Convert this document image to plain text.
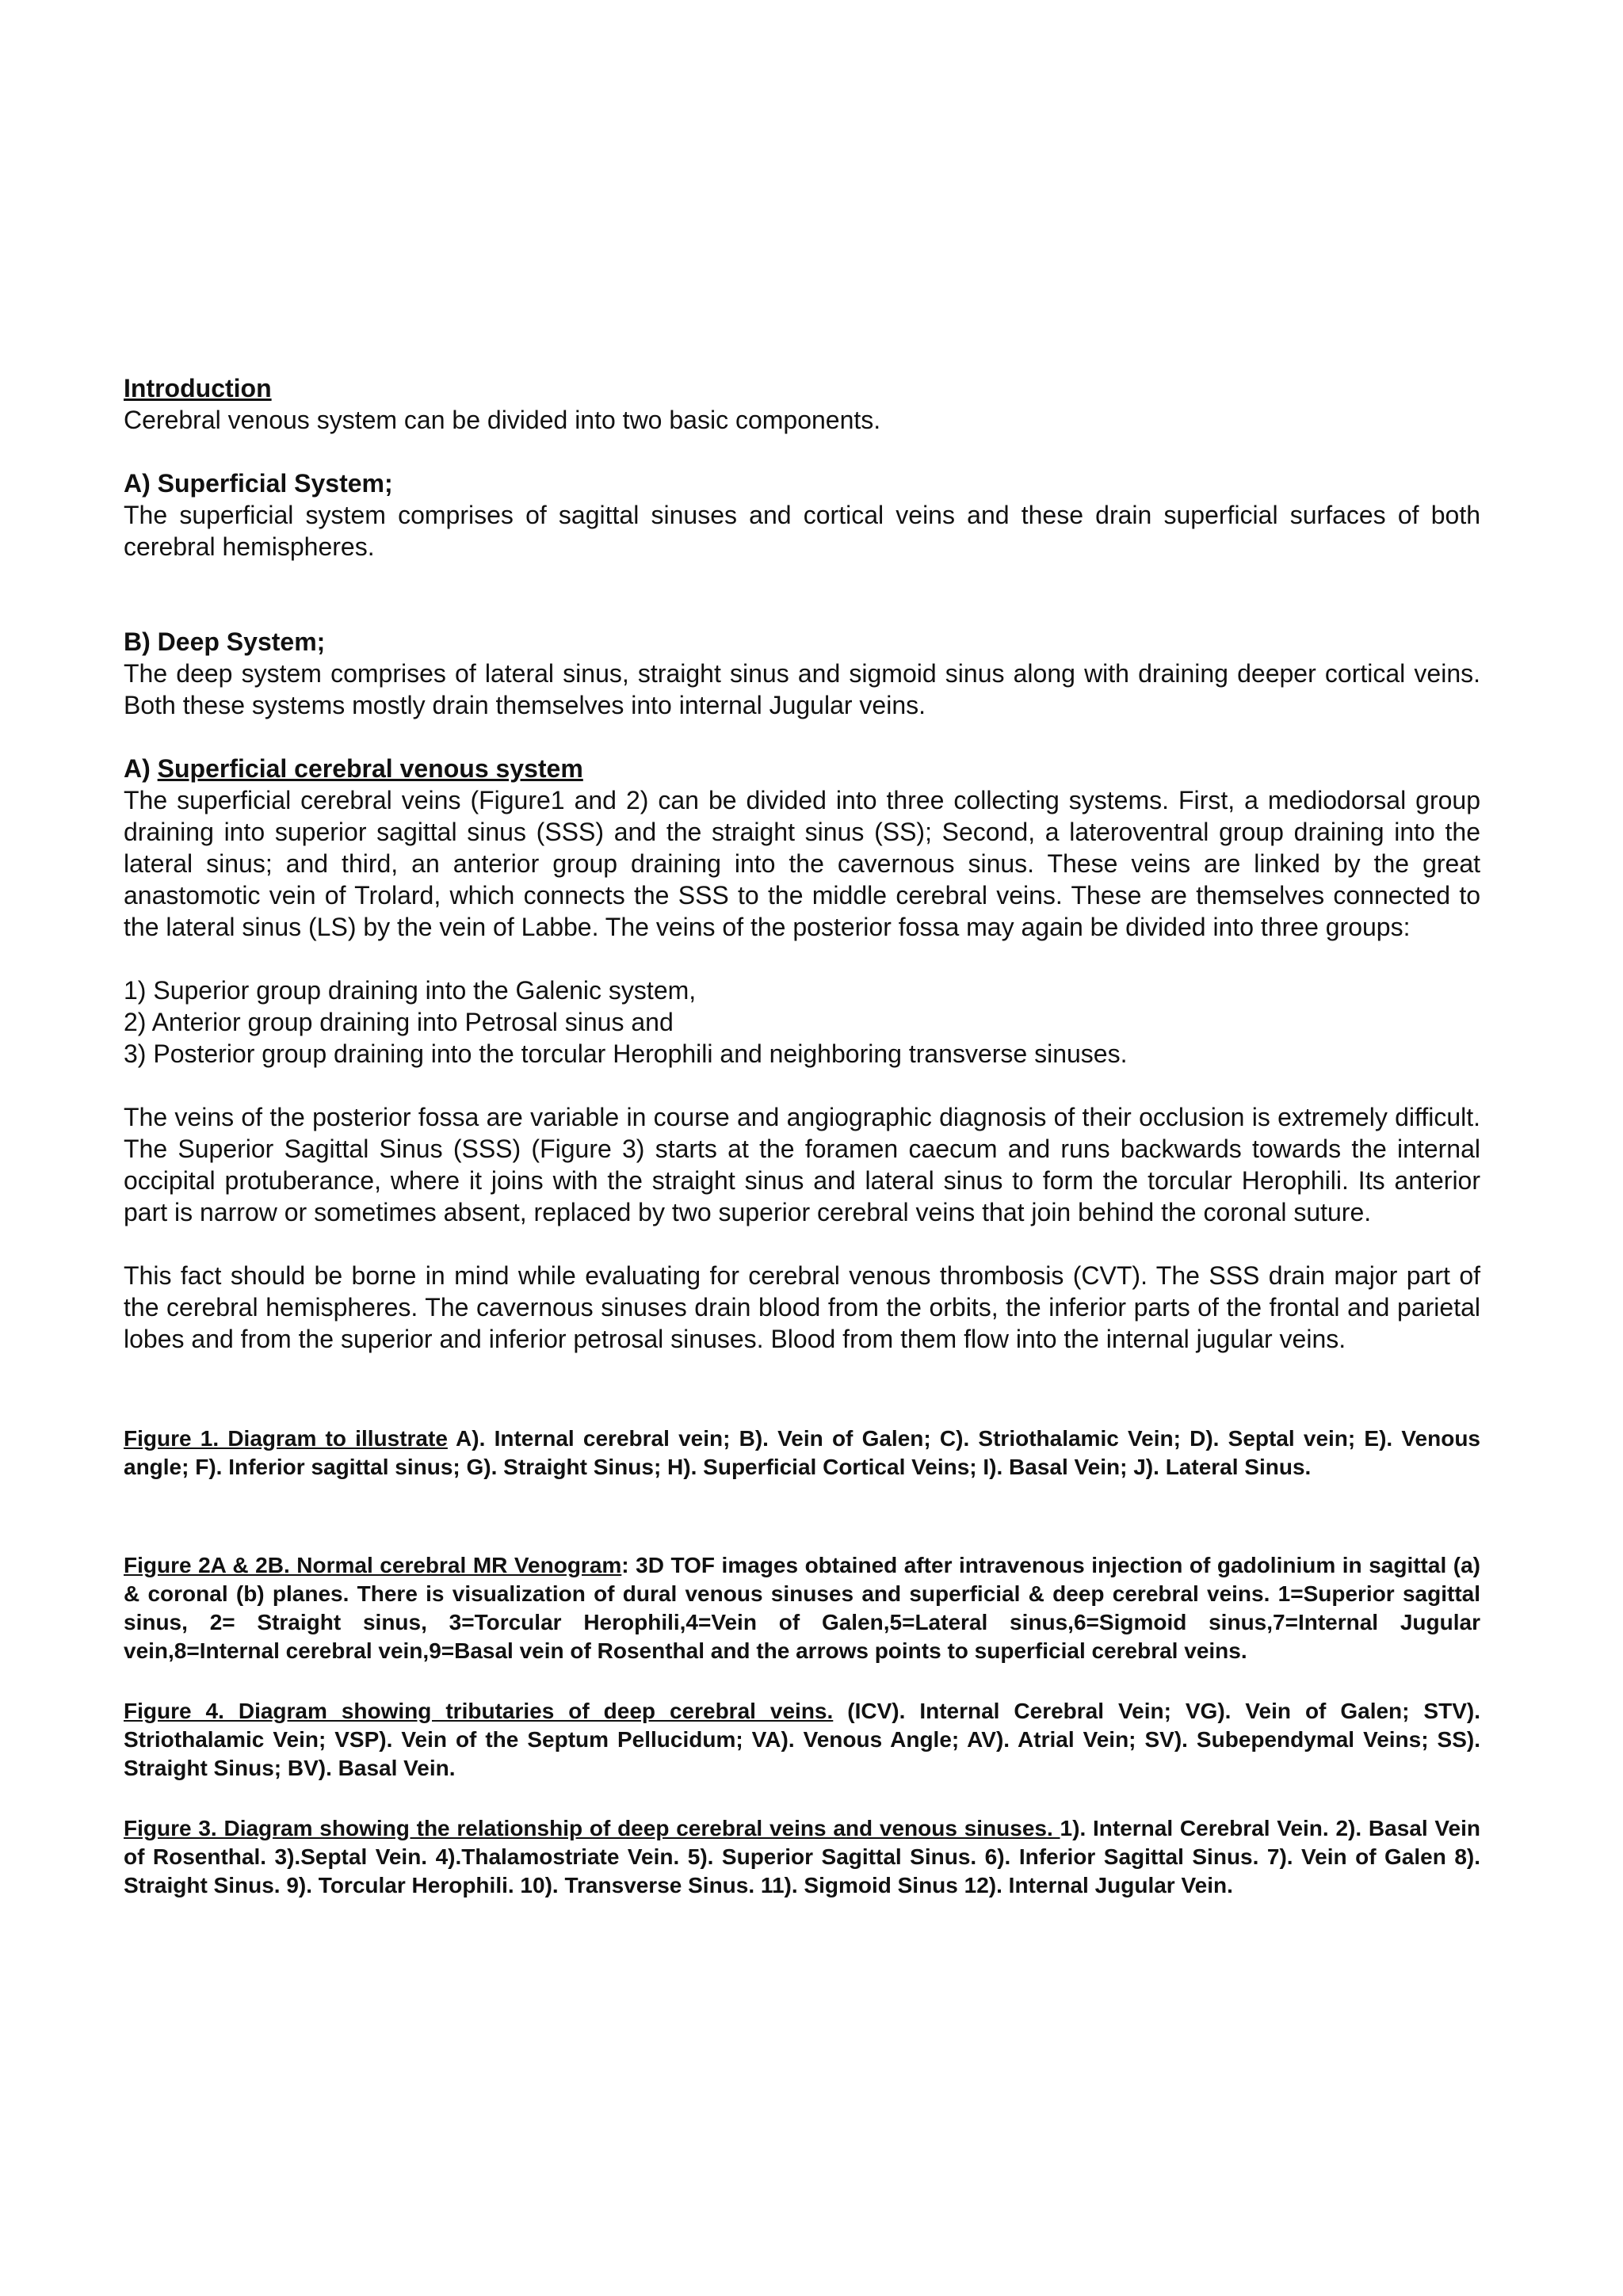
Introduction

Cerebral venous system can be divided into two basic components.

A) Superficial System;

The superficial system comprises of sagittal sinuses and cortical veins and these drain superficial surfaces of both cerebral hemispheres.

B) Deep System;

The deep system comprises of lateral sinus, straight sinus and sigmoid sinus along with draining deeper cortical veins. Both these systems mostly drain themselves into internal Jugular veins.

A) Superficial cerebral venous system

The superficial cerebral veins (Figure1 and 2) can be divided into three collecting systems. First, a mediodorsal group draining into superior sagittal sinus (SSS) and the straight sinus (SS); Second, a lateroventral group draining into the lateral sinus; and third, an anterior group draining into the cavernous sinus. These veins are linked by the great anastomotic vein of Trolard, which connects the SSS to the middle cerebral veins. These are themselves connected to the lateral sinus (LS) by the vein of Labbe. The veins of the posterior fossa may again be divided into three groups:

1) Superior group draining into the Galenic system,
2) Anterior group draining into Petrosal sinus and
3) Posterior group draining into the torcular Herophili and neighboring transverse sinuses.

The veins of the posterior fossa are variable in course and angiographic diagnosis of their occlusion is extremely difficult. The Superior Sagittal Sinus (SSS) (Figure 3) starts at the foramen caecum and runs backwards towards the internal occipital protuberance, where it joins with the straight sinus and lateral sinus to form the torcular Herophili. Its anterior part is narrow or sometimes absent, replaced by two superior cerebral veins that join behind the coronal suture.

This fact should be borne in mind while evaluating for cerebral venous thrombosis (CVT). The SSS drain major part of the cerebral hemispheres. The cavernous sinuses drain blood from the orbits, the inferior parts of the frontal and parietal lobes and from the superior and inferior petrosal sinuses. Blood from them flow into the internal jugular veins.

Figure 1. Diagram to illustrate A). Internal cerebral vein; B). Vein of Galen; C). Striothalamic Vein; D). Septal vein; E). Venous angle; F). Inferior sagittal sinus; G). Straight Sinus; H). Superficial Cortical Veins; I). Basal Vein; J). Lateral Sinus.

Figure 2A & 2B. Normal cerebral MR Venogram: 3D TOF images obtained after intravenous injection of gadolinium in sagittal (a) & coronal (b) planes. There is visualization of dural venous sinuses and superficial & deep cerebral veins. 1=Superior sagittal sinus, 2= Straight sinus, 3=Torcular Herophili,4=Vein of Galen,5=Lateral sinus,6=Sigmoid sinus,7=Internal Jugular vein,8=Internal cerebral vein,9=Basal vein of Rosenthal and the arrows points to superficial cerebral veins.

Figure 4. Diagram showing tributaries of deep cerebral veins. (ICV). Internal Cerebral Vein; VG). Vein of Galen; STV). Striothalamic Vein; VSP). Vein of the Septum Pellucidum; VA). Venous Angle; AV). Atrial Vein; SV). Subependymal Veins; SS). Straight Sinus; BV). Basal Vein.

Figure 3. Diagram showing the relationship of deep cerebral veins and venous sinuses. 1). Internal Cerebral Vein. 2). Basal Vein of Rosenthal. 3).Septal Vein. 4).Thalamostriate Vein. 5). Superior Sagittal Sinus. 6). Inferior Sagittal Sinus. 7). Vein of Galen 8). Straight Sinus. 9). Torcular Herophili. 10). Transverse Sinus. 11). Sigmoid Sinus 12). Internal Jugular Vein.
